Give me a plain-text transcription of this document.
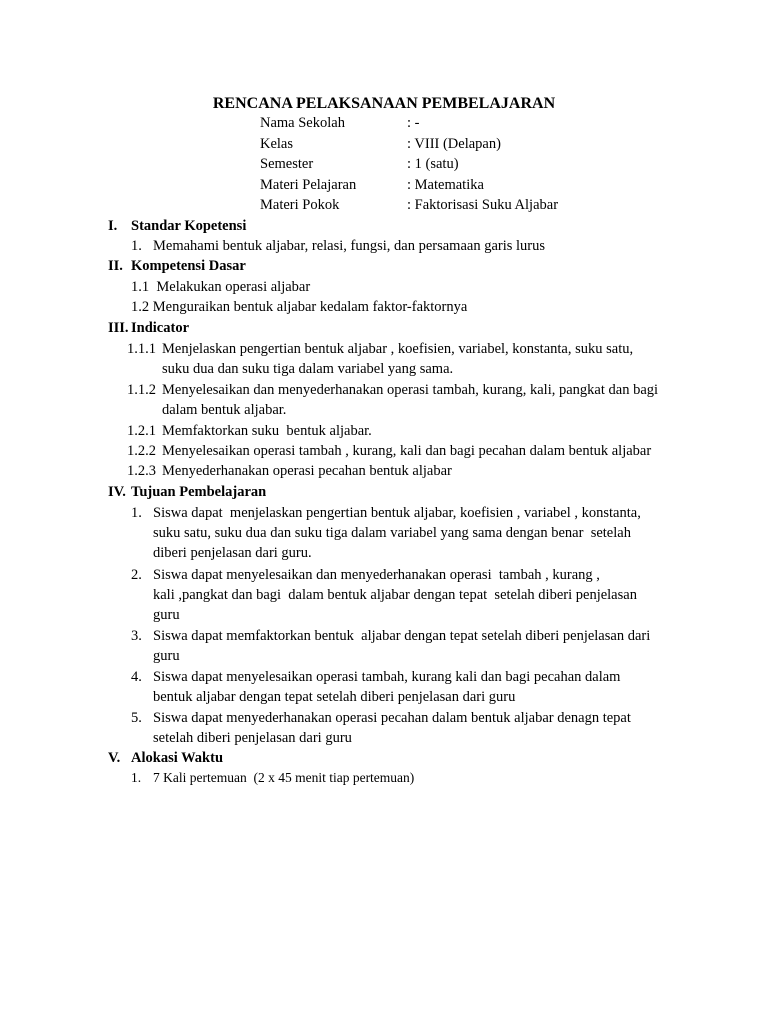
RENCANA PELAKSANAAN PEMBELAJARAN
Nama Sekolah	: -
Kelas	: VIII (Delapan)
Semester	: 1 (satu)
Materi Pelajaran	: Matematika
Materi Pokok	: Faktorisasi Suku Aljabar
I. Standar Kopetensi
1. Memahami bentuk aljabar, relasi, fungsi, dan persamaan garis lurus
II. Kompetensi Dasar
1.1  Melakukan operasi aljabar
1.2 Menguraikan bentuk aljabar kedalam faktor-faktornya
III. Indicator
1.1.1 Menjelaskan pengertian bentuk aljabar , koefisien, variabel, konstanta, suku satu,
suku dua dan suku tiga dalam variabel yang sama.
1.1.2 Menyelesaikan dan menyederhanakan operasi tambah, kurang, kali, pangkat dan bagi
dalam bentuk aljabar.
1.2.1 Memfaktorkan suku  bentuk aljabar.
1.2.2 Menyelesaikan operasi tambah , kurang, kali dan bagi pecahan dalam bentuk aljabar
1.2.3 Menyederhanakan operasi pecahan bentuk aljabar
IV. Tujuan Pembelajaran
1. Siswa dapat  menjelaskan pengertian bentuk aljabar, koefisien , variabel , konstanta,
suku satu, suku dua dan suku tiga dalam variabel yang sama dengan benar  setelah
diberi penjelasan dari guru.
2. Siswa dapat menyelesaikan dan menyederhanakan operasi  tambah , kurang ,
kali ,pangkat dan bagi  dalam bentuk aljabar dengan tepat  setelah diberi penjelasan
guru
3. Siswa dapat memfaktorkan bentuk  aljabar dengan tepat setelah diberi penjelasan dari
guru
4. Siswa dapat menyelesaikan operasi tambah, kurang kali dan bagi pecahan dalam
bentuk aljabar dengan tepat setelah diberi penjelasan dari guru
5. Siswa dapat menyederhanakan operasi pecahan dalam bentuk aljabar denagn tepat
setelah diberi penjelasan dari guru
V. Alokasi Waktu
1. 7 Kali pertemuan  (2 x 45 menit tiap pertemuan)
